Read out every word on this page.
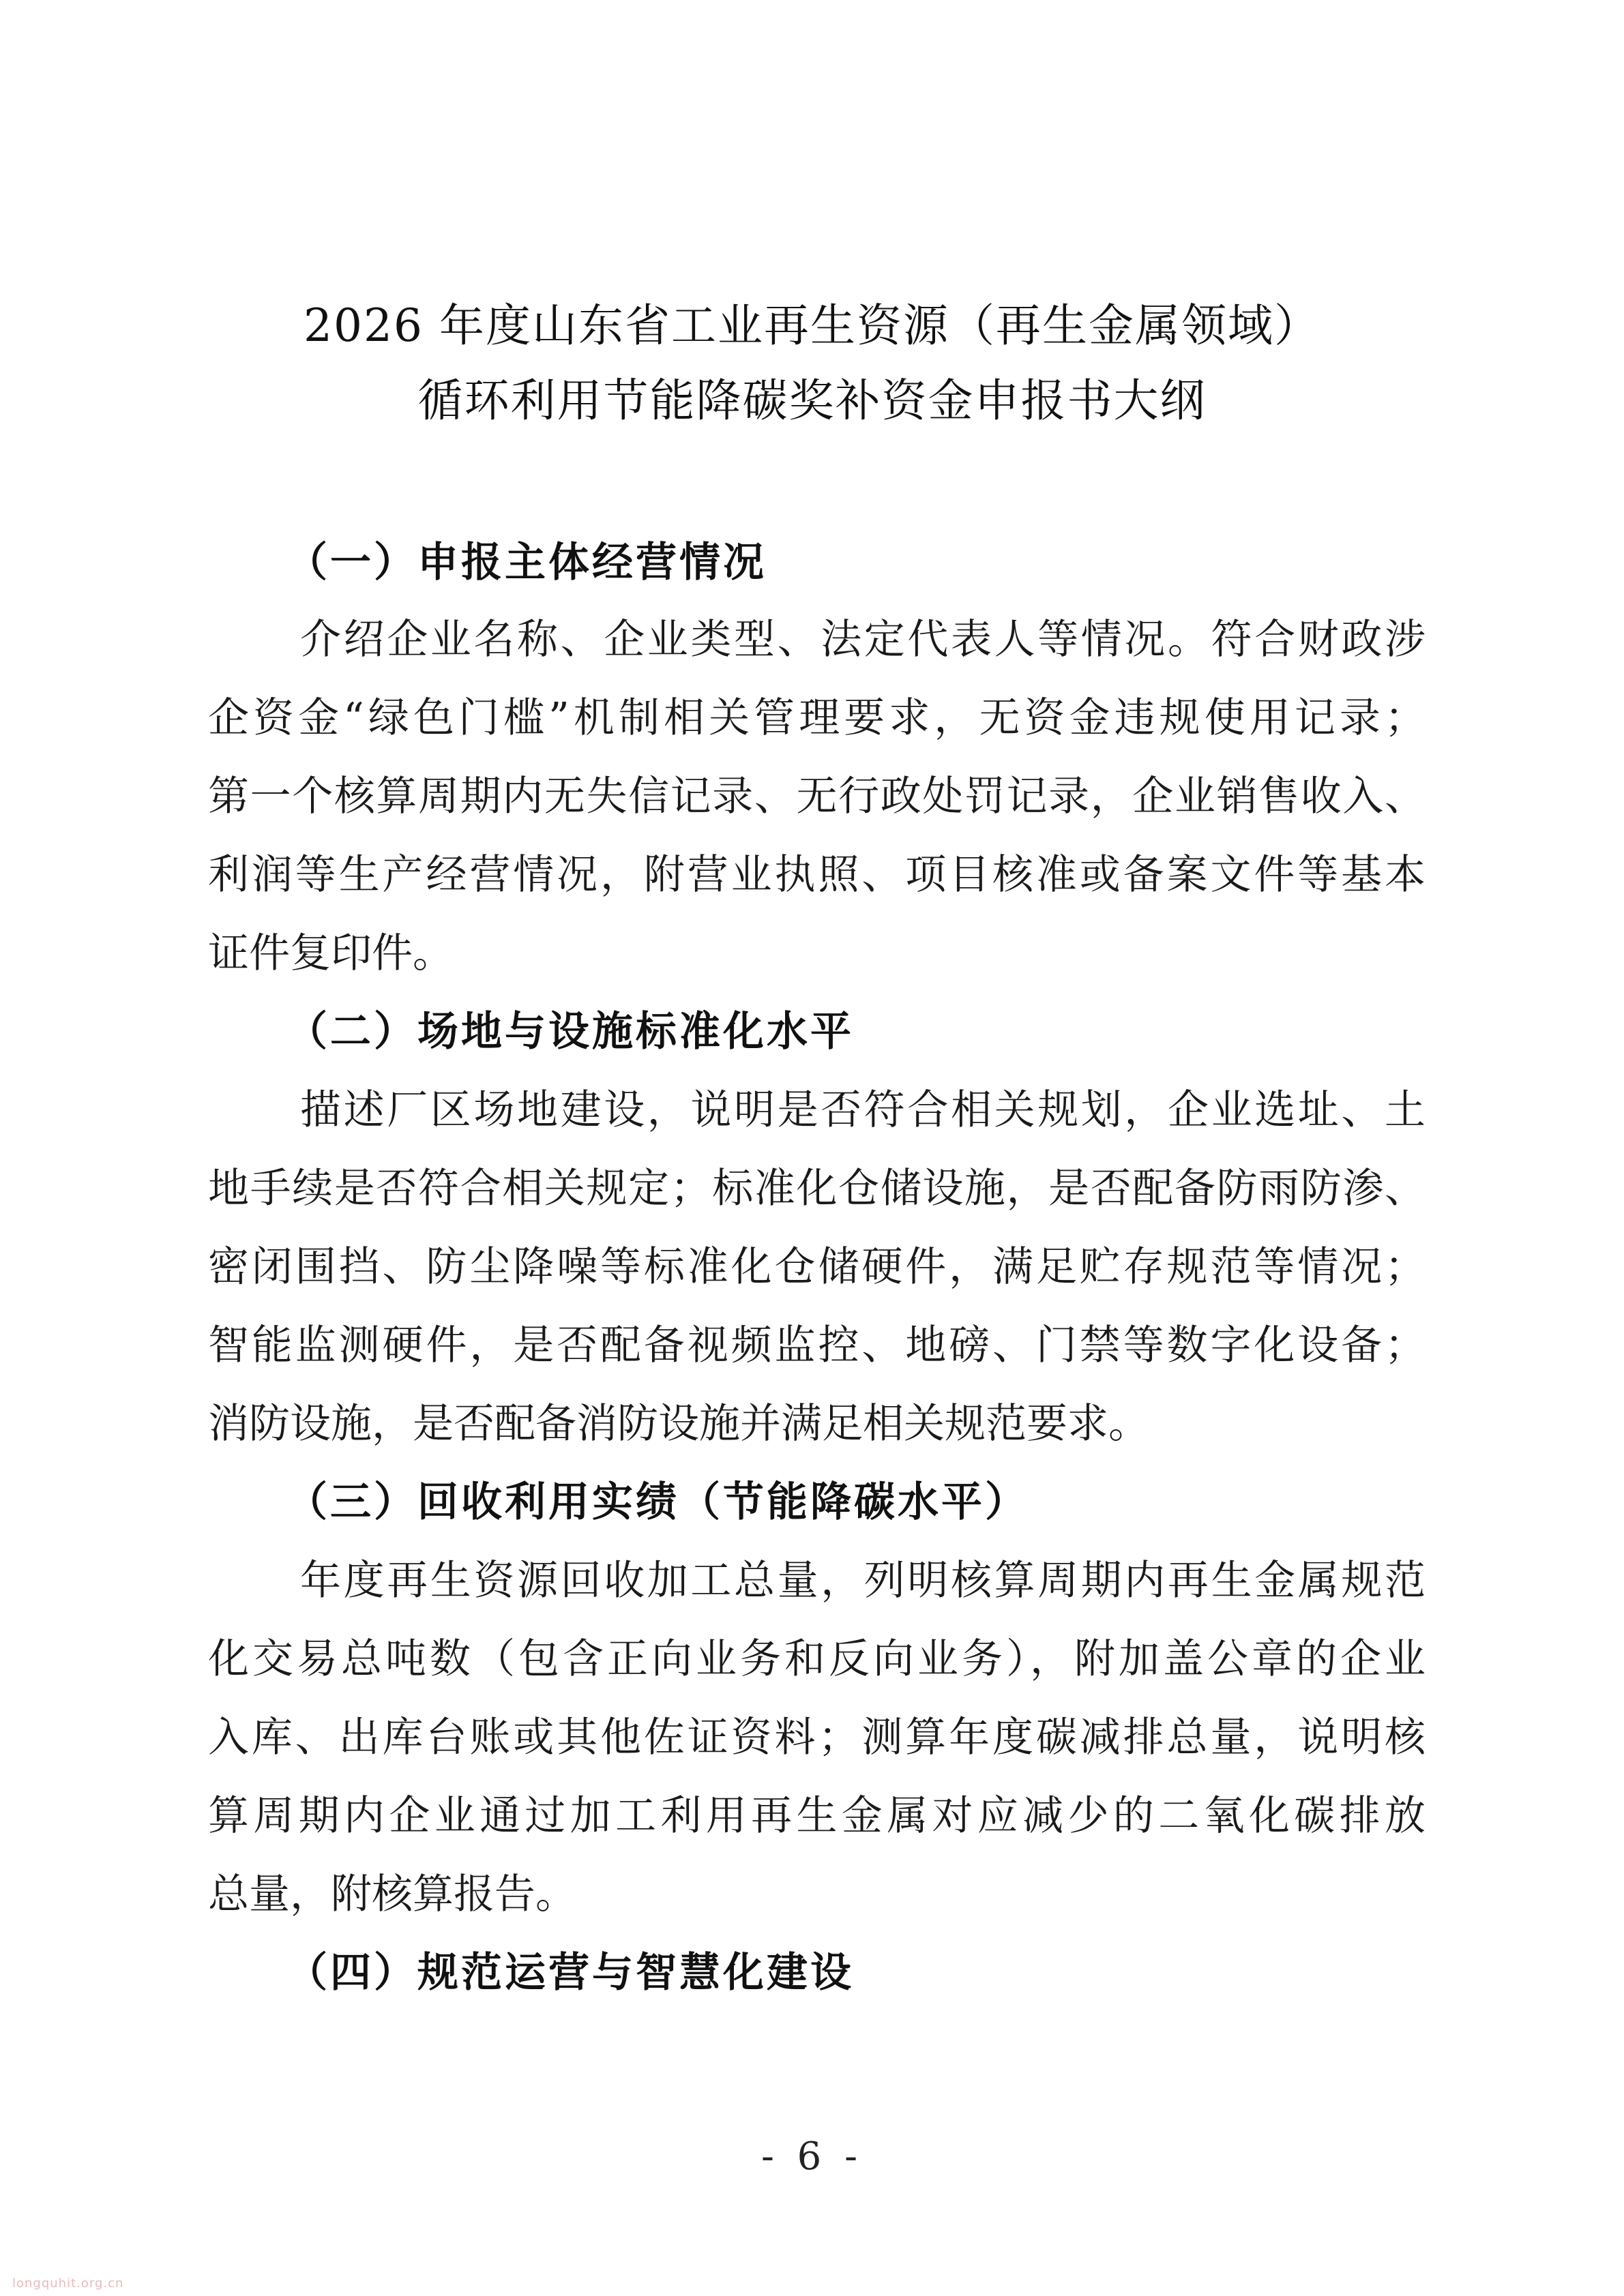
2026 年度山东省工业再生资源（再生金属领域）
循环利用节能降碳奖补资金申报书大纲
（一）申报主体经营情况
介绍企业名称、企业类型、法定代表人等情况。符合财政涉
企资金“绿色门槛”机制相关管理要求，无资金违规使用记录；
第一个核算周期内无失信记录、无行政处罚记录，企业销售收入、
利润等生产经营情况，附营业执照、项目核准或备案文件等基本
证件复印件。
（二）场地与设施标准化水平
描述厂区场地建设，说明是否符合相关规划，企业选址、土
地手续是否符合相关规定；标准化仓储设施，是否配备防雨防渗、
密闭围挡、防尘降噪等标准化仓储硬件，满足贮存规范等情况；
智能监测硬件，是否配备视频监控、地磅、门禁等数字化设备；
消防设施，是否配备消防设施并满足相关规范要求。
（三）回收利用实绩（节能降碳水平）
年度再生资源回收加工总量，列明核算周期内再生金属规范
化交易总吨数（包含正向业务和反向业务），附加盖公章的企业
入库、出库台账或其他佐证资料；测算年度碳减排总量，说明核
算周期内企业通过加工利用再生金属对应减少的二氧化碳排放
总量，附核算报告。
（四）规范运营与智慧化建设
- 6 -
longquhit.org.cn
